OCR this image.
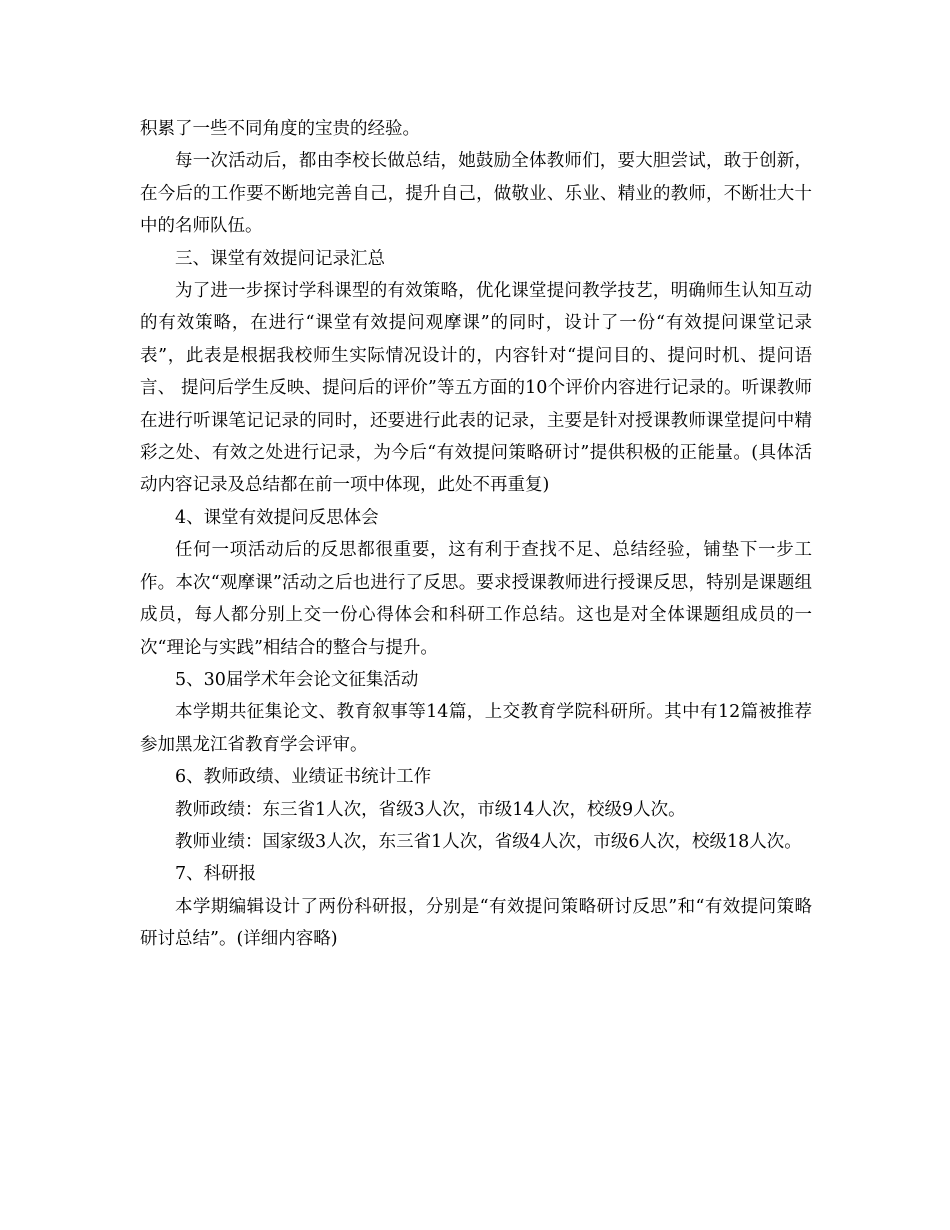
积累了一些不同角度的宝贵的经验。

每一次活动后，都由李校长做总结，她鼓励全体教师们，要大胆尝试，敢于创新，在今后的工作要不断地完善自己，提升自己，做敬业、乐业、精业的教师，不断壮大十中的名师队伍。

三、课堂有效提问记录汇总

为了进一步探讨学科课型的有效策略，优化课堂提问教学技艺，明确师生认知互动的有效策略，在进行“课堂有效提问观摩课”的同时，设计了一份“有效提问课堂记录表”，此表是根据我校师生实际情况设计的，内容针对“提问目的、提问时机、提问语言、 提问后学生反映、提问后的评价”等五方面的10个评价内容进行记录的。听课教师在进行听课笔记记录的同时，还要进行此表的记录，主要是针对授课教师课堂提问中精彩之处、有效之处进行记录，为今后“有效提问策略研讨”提供积极的正能量。(具体活动内容记录及总结都在前一项中体现，此处不再重复)

4、课堂有效提问反思体会

任何一项活动后的反思都很重要，这有利于查找不足、总结经验，铺垫下一步工作。本次“观摩课”活动之后也进行了反思。要求授课教师进行授课反思，特别是课题组成员，每人都分别上交一份心得体会和科研工作总结。这也是对全体课题组成员的一次“理论与实践”相结合的整合与提升。

5、30届学术年会论文征集活动

本学期共征集论文、教育叙事等14篇，上交教育学院科研所。其中有12篇被推荐参加黑龙江省教育学会评审。

6、教师政绩、业绩证书统计工作

教师政绩：东三省1人次，省级3人次，市级14人次，校级9人次。

教师业绩：国家级3人次，东三省1人次，省级4人次，市级6人次，校级18人次。

7、科研报

本学期编辑设计了两份科研报，分别是“有效提问策略研讨反思”和“有效提问策略研讨总结”。(详细内容略)
